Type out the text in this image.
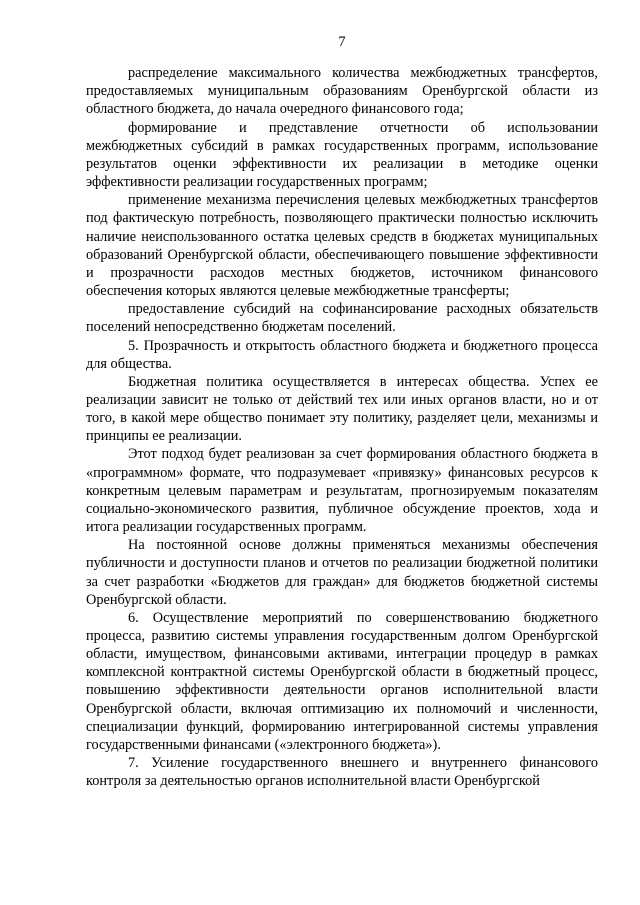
7

распределение максимального количества межбюджетных трансфертов, предоставляемых муниципальным образованиям Оренбургской области из областного бюджета, до начала очередного финансового года;

формирование и представление отчетности об использовании межбюджетных субсидий в рамках государственных программ, использование результатов оценки эффективности их реализации в методике оценки эффективности реализации государственных программ;

применение механизма перечисления целевых межбюджетных трансфертов под фактическую потребность, позволяющего практически полностью исключить наличие неиспользованного остатка целевых средств в бюджетах муниципальных образований Оренбургской области, обеспечивающего повышение эффективности и прозрачности расходов местных бюджетов, источником финансового обеспечения которых являются целевые межбюджетные трансферты;

предоставление субсидий на софинансирование расходных обязательств поселений непосредственно бюджетам поселений.

5. Прозрачность и открытость областного бюджета и бюджетного процесса для общества.

Бюджетная политика осуществляется в интересах общества. Успех ее реализации зависит не только от действий тех или иных органов власти, но и от того, в какой мере общество понимает эту политику, разделяет цели, механизмы и принципы ее реализации.

Этот подход будет реализован за счет формирования областного бюджета в «программном» формате, что подразумевает «привязку» финансовых ресурсов к конкретным целевым параметрам и результатам, прогнозируемым показателям социально-экономического развития, публичное обсуждение проектов, хода и итога реализации государственных программ.

На постоянной основе должны применяться механизмы обеспечения публичности и доступности планов и отчетов по реализации бюджетной политики за счет разработки «Бюджетов для граждан» для бюджетов бюджетной системы Оренбургской области.

6. Осуществление мероприятий по совершенствованию бюджетного процесса, развитию системы управления государственным долгом Оренбургской области, имуществом, финансовыми активами, интеграции процедур в рамках комплексной контрактной системы Оренбургской области в бюджетный процесс, повышению эффективности деятельности органов исполнительной власти Оренбургской области, включая оптимизацию их полномочий и численности, специализации функций, формированию интегрированной системы управления государственными финансами («электронного бюджета»).

7. Усиление государственного внешнего и внутреннего финансового контроля за деятельностью органов исполнительной власти Оренбургской
